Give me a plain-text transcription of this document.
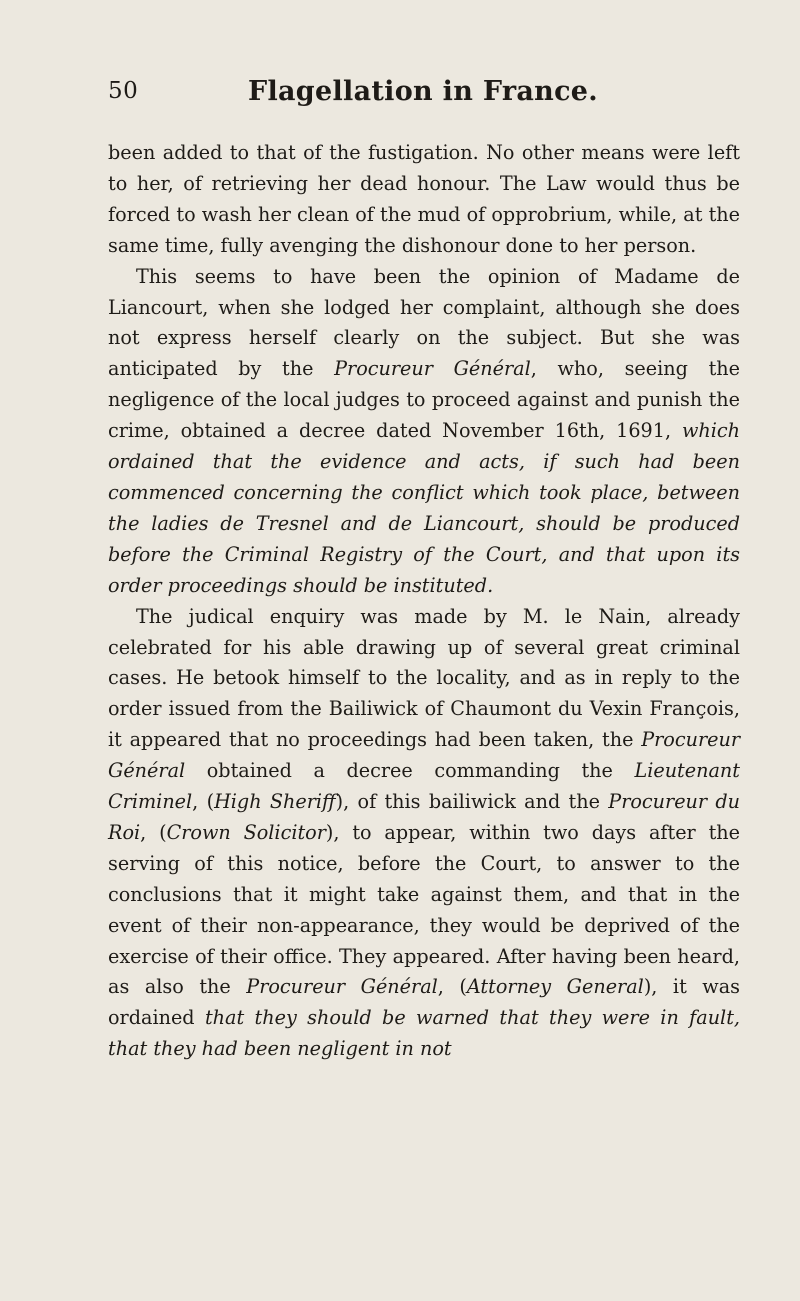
50	Flagellation in France.

been added to that of the fustigation. No other means were left to her, of retrieving her dead honour. The Law would thus be forced to wash her clean of the mud of opprobrium, while, at the same time, fully avenging the dishonour done to her person.

This seems to have been the opinion of Madame de Liancourt, when she lodged her complaint, although she does not express herself clearly on the subject. But she was anticipated by the Procureur Général, who, seeing the negligence of the local judges to proceed against and punish the crime, obtained a decree dated November 16th, 1691, which ordained that the evidence and acts, if such had been commenced concerning the conflict which took place, between the ladies de Tresnel and de Liancourt, should be produced before the Criminal Registry of the Court, and that upon its order proceedings should be instituted.

The judical enquiry was made by M. le Nain, already celebrated for his able drawing up of several great criminal cases. He betook himself to the locality, and as in reply to the order issued from the Bailiwick of Chaumont du Vexin François, it appeared that no proceedings had been taken, the Procureur Général obtained a decree commanding the Lieutenant Criminel, (High Sheriff), of this bailiwick and the Procureur du Roi, (Crown Solicitor), to appear, within two days after the serving of this notice, before the Court, to answer to the conclusions that it might take against them, and that in the event of their non-appearance, they would be deprived of the exercise of their office. They appeared. After having been heard, as also the Procureur Général, (Attorney General), it was ordained that they should be warned that they were in fault, that they had been negligent in not
